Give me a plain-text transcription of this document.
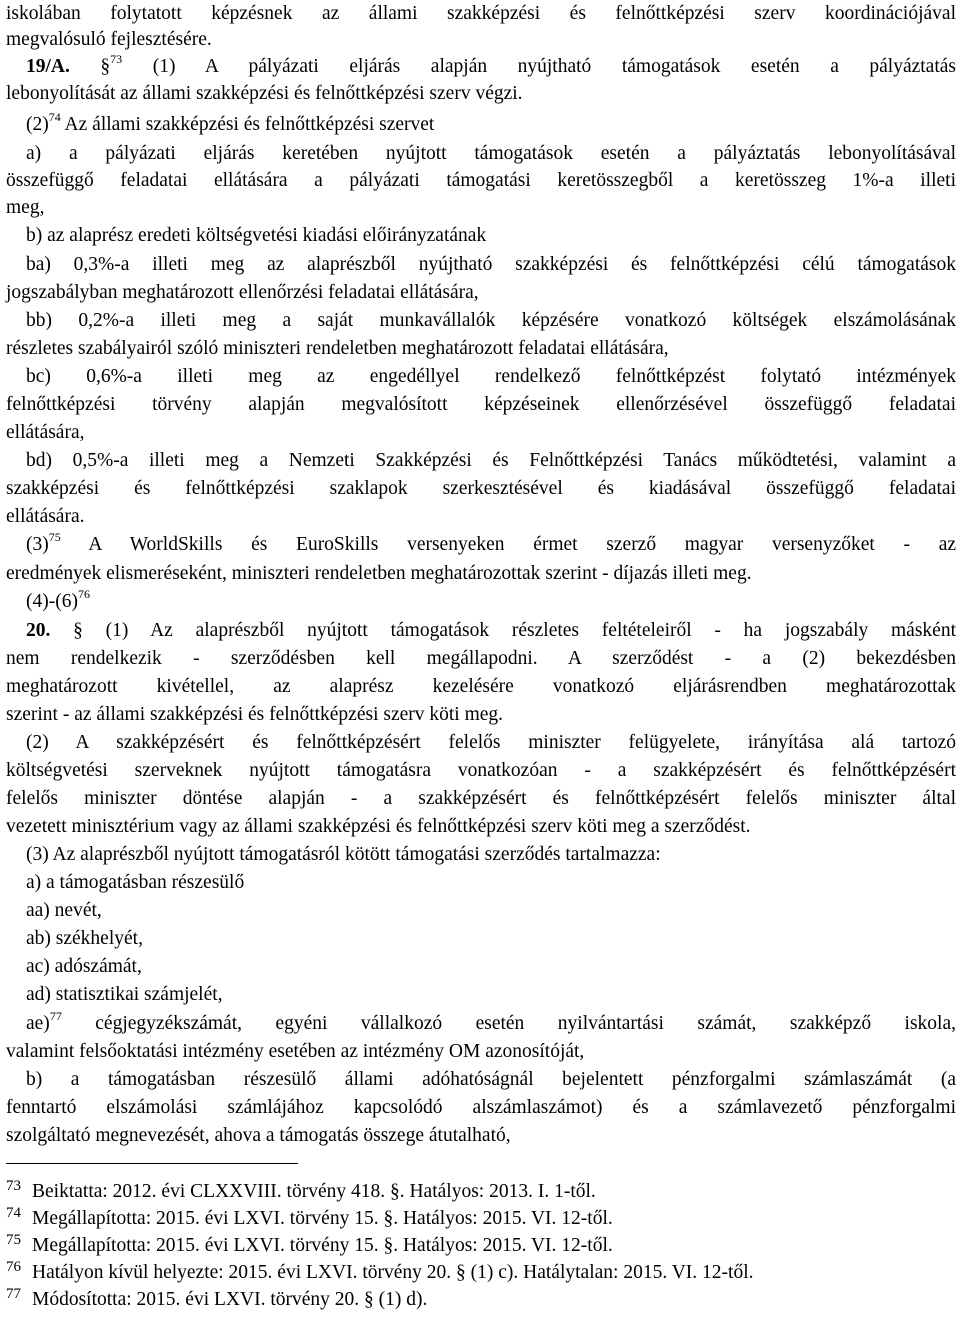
iskolában folytatott képzésnek az állami szakképzési és felnőttképzési szerv koordinációjával
megvalósuló fejlesztésére.
19/A. §$^{73}$ (1) A pályázati eljárás alapján nyújtható támogatások esetén a pályáztatás
lebonyolítását az állami szakképzési és felnőttképzési szerv végzi.
$(2)^{74}$ Az állami szakképzési és felnőttképzési szervet
a) a pályázati eljárás keretében nyújtott támogatások esetén a pályáztatás lebonyolításával
összefüggő feladatai ellátására a pályázati támogatási keretösszegből a keretösszeg 1%-a illeti
meg,
b) az alaprész eredeti költségvetési kiadási előirányzatának
ba) 0,3%-a illeti meg az alaprészből nyújtható szakképzési és felnőttképzési célú támogatások
jogszabályban meghatározott ellenőrzési feladatai ellátására,
bb) 0,2%-a illeti meg a saját munkavállalók képzésére vonatkozó költségek elszámolásának
részletes szabályairól szóló miniszteri rendeletben meghatározott feladatai ellátására,
bc) 0,6%-a illeti meg az engedéllyel rendelkező felnőttképzést folytató intézmények
felnőttképzési törvény alapján megvalósított képzéseinek ellenőrzésével összefüggő feladatai
ellátására,
bd) 0,5%-a illeti meg a Nemzeti Szakképzési és Felnőttképzési Tanács működtetési, valamint a
szakképzési és felnőttképzési szaklapok szerkesztésével és kiadásával összefüggő feladatai
ellátására.
$(3)^{75}$ A WorldSkills és EuroSkills versenyeken érmet szerző magyar versenyzőket - az
eredmények elismeréseként, miniszteri rendeletben meghatározottak szerint - díjazás illeti meg.
$(4)-(6)^{76}$
20. § (1) Az alaprészből nyújtott támogatások részletes feltételeiről - ha jogszabály másként
nem rendelkezik - szerződésben kell megállapodni. A szerződést - a (2) bekezdésben
meghatározott kivétellel, az alaprész kezelésére vonatkozó eljárásrendben meghatározottak
szerint - az állami szakképzési és felnőttképzési szerv köti meg.
(2) A szakképzésért és felnőttképzésért felelős miniszter felügyelete, irányítása alá tartozó
költségvetési szerveknek nyújtott támogatásra vonatkozóan - a szakképzésért és felnőttképzésért
felelős miniszter döntése alapján - a szakképzésért és felnőttképzésért felelős miniszter által
vezetett minisztérium vagy az állami szakképzési és felnőttképzési szerv köti meg a szerződést.
(3) Az alaprészből nyújtott támogatásról kötött támogatási szerződés tartalmazza:
a) a támogatásban részesülő
aa) nevét,
ab) székhelyét,
ac) adószámát,
ad) statisztikai számjelét,
ae)$^{77}$ cégjegyzékszámát, egyéni vállalkozó esetén nyilvántartási számát, szakképző iskola,
valamint felsőoktatási intézmény esetében az intézmény OM azonosítóját,
b) a támogatásban részesülő állami adóhatóságnál bejelentett pénzforgalmi számlaszámát (a
fenntartó elszámolási számlájához kapcsolódó alszámlaszámot) és a számlavezető pénzforgalmi
szolgáltató megnevezését, ahova a támogatás összege átutalható,
73 Beiktatta: 2012. évi CLXXVIII. törvény 418. §. Hatályos: 2013. I. 1-től.
74 Megállapította: 2015. évi LXVI. törvény 15. §. Hatályos: 2015. VI. 12-től.
75 Megállapította: 2015. évi LXVI. törvény 15. §. Hatályos: 2015. VI. 12-től.
76 Hatályon kívül helyezte: 2015. évi LXVI. törvény 20. § (1) c). Hatálytalan: 2015. VI. 12-től.
77 Módosította: 2015. évi LXVI. törvény 20. § (1) d).
